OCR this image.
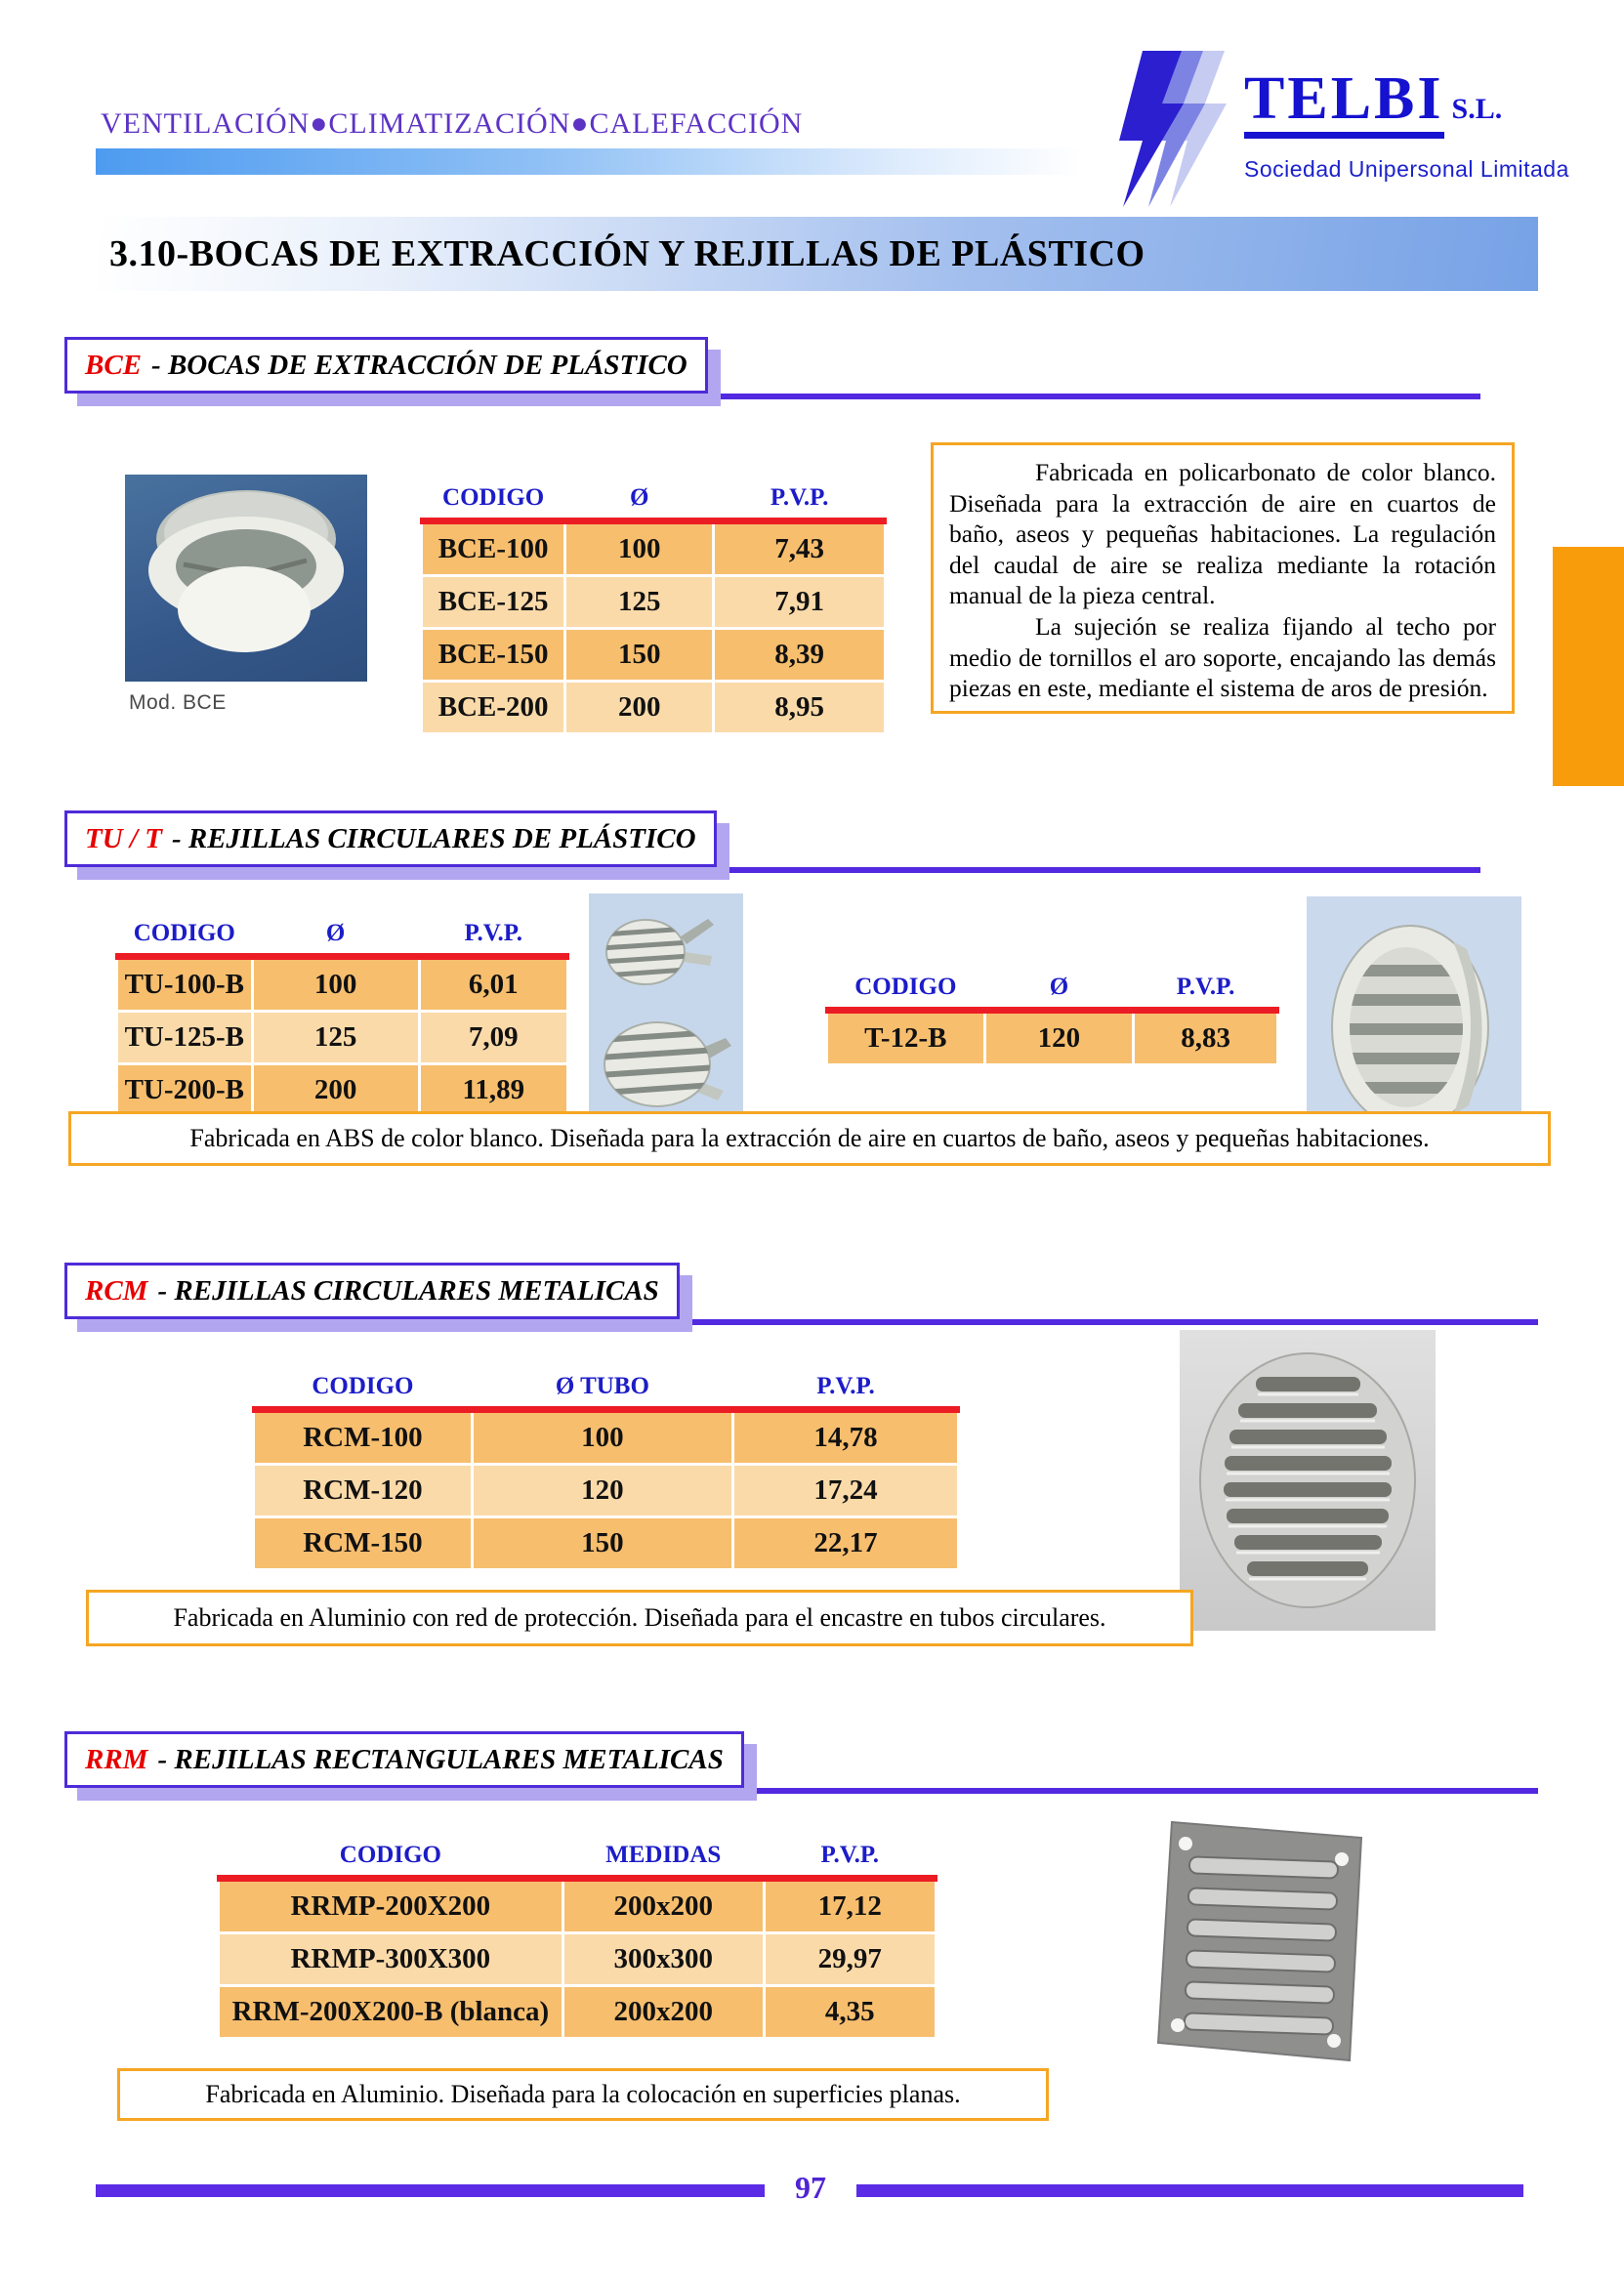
VENTILACIÓN●CLIMATIZACIÓN●CALEFACCIÓN	TELBI S.L.
Sociedad Unipersonal Limitada
3.10-BOCAS DE EXTRACCIÓN Y REJILLAS DE PLÁSTICO
BCE - BOCAS DE EXTRACCIÓN DE PLÁSTICO
Mod. BCE
CODIGO	Ø	P.V.P.
BCE-100	100	7,43
BCE-125	125	7,91
BCE-150	150	8,39
BCE-200	200	8,95

Fabricada en policarbonato de color blanco. Diseñada para la extracción de aire en cuartos de baño, aseos y pequeñas habitaciones. La regulación del caudal de aire se realiza mediante la rotación manual de la pieza central.

La sujeción se realiza fijando al techo por medio de tornillos el aro soporte, encajando las demás piezas en este, mediante el sistema de aros de presión.

TU / T - REJILLAS CIRCULARES DE PLÁSTICO
CODIGO	Ø	P.V.P.
TU-100-B	100	6,01
TU-125-B	125	7,09
TU-200-B	200	11,89
CODIGO	Ø	P.V.P.
T-12-B	120	8,83
Fabricada en ABS de color blanco. Diseñada para la extracción de aire en cuartos de baño, aseos y pequeñas habitaciones.
RCM - REJILLAS CIRCULARES METALICAS
CODIGO	Ø TUBO	P.V.P.
RCM-100	100	14,78
RCM-120	120	17,24
RCM-150	150	22,17
Fabricada en Aluminio con red de protección. Diseñada para el encastre en tubos circulares.
RRM - REJILLAS RECTANGULARES METALICAS
CODIGO	MEDIDAS	P.V.P.
RRMP-200X200	200x200	17,12
RRMP-300X300	300x300	29,97
RRM-200X200-B (blanca)	200x200	4,35
Fabricada en Aluminio. Diseñada para la colocación en superficies planas.
97
